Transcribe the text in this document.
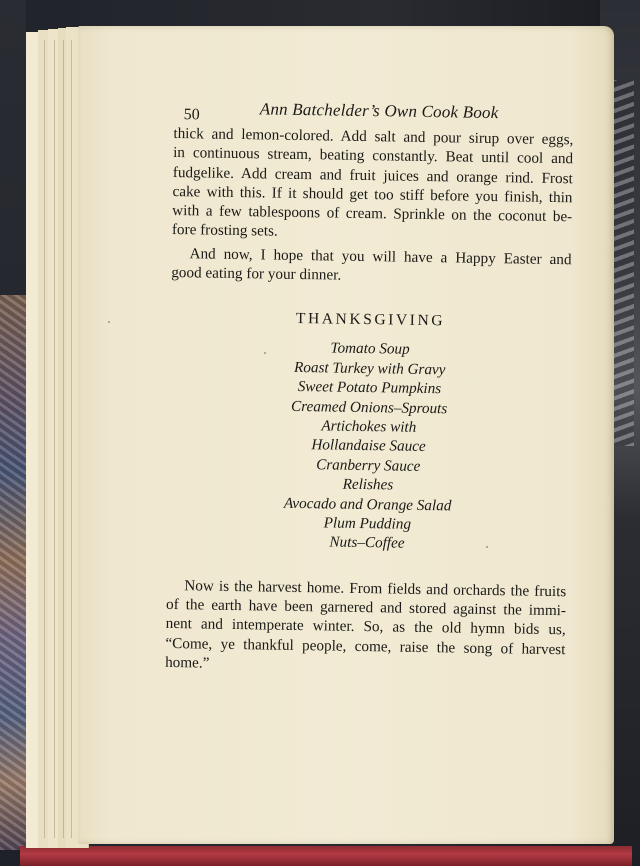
50	Ann Batchelder’s Own Cook Book

thick and lemon-colored. Add salt and pour sirup over eggs,
in continuous stream, beating constantly. Beat until cool and
fudgelike. Add cream and fruit juices and orange rind. Frost
cake with this. If it should get too stiff before you finish, thin
with a few tablespoons of cream. Sprinkle on the coconut be-
fore frosting sets.

And now, I hope that you will have a Happy Easter and
good eating for your dinner.

THANKSGIVING
Tomato Soup
Roast Turkey with Gravy
Sweet Potato Pumpkins
Creamed Onions–Sprouts
Artichokes with
Hollandaise Sauce
Cranberry Sauce
Relishes
Avocado and Orange Salad
Plum Pudding
Nuts–Coffee

Now is the harvest home. From fields and orchards the fruits
of the earth have been garnered and stored against the immi-
nent and intemperate winter. So, as the old hymn bids us,
“Come, ye thankful people, come, raise the song of harvest
home.”
